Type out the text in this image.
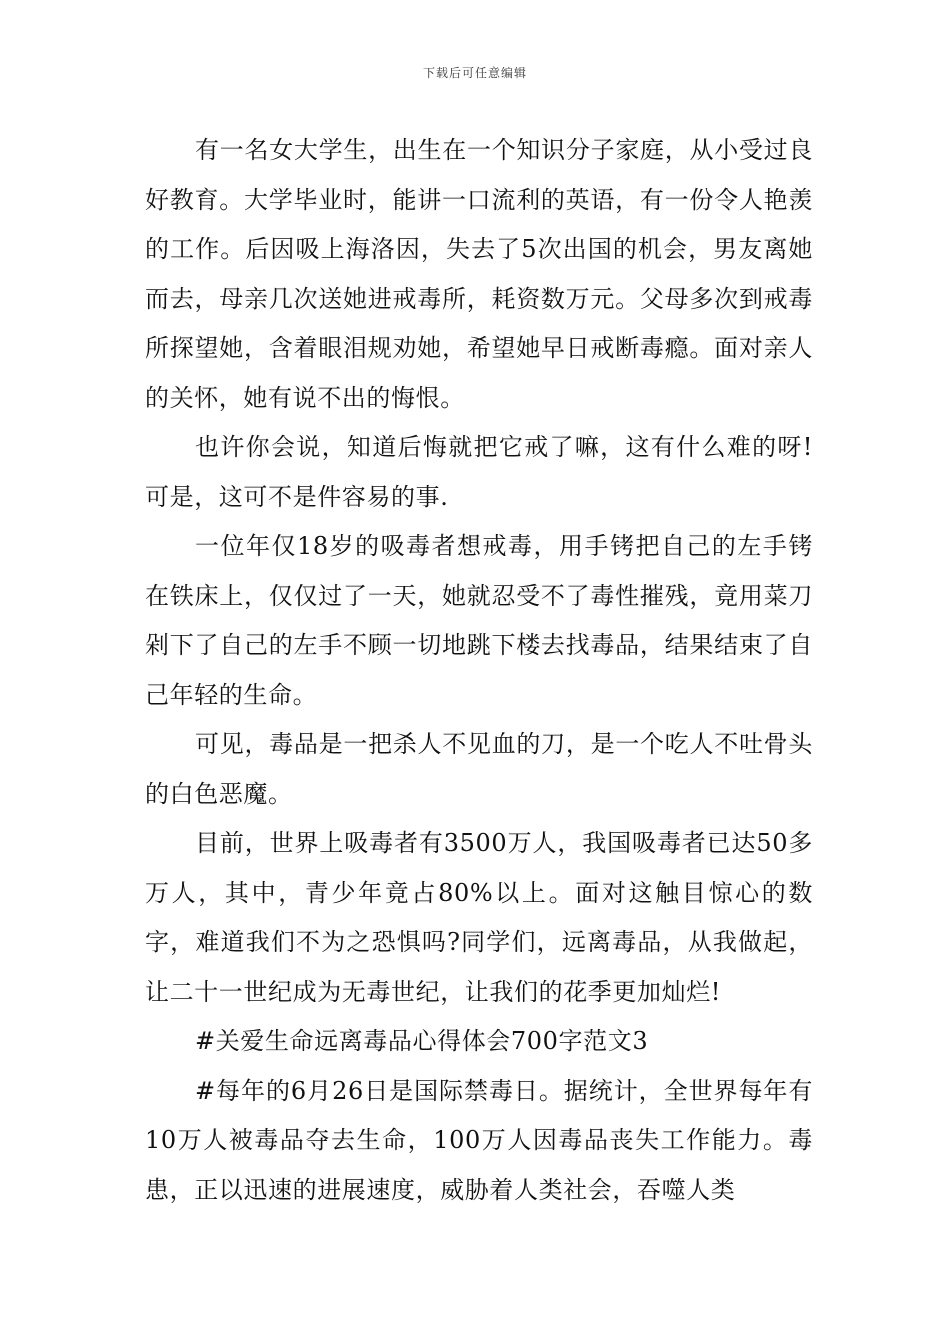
下载后可任意编辑

有一名女大学生，出生在一个知识分子家庭，从小受过良好教育。大学毕业时，能讲一口流利的英语，有一份令人艳羡的工作。后因吸上海洛因，失去了5次出国的机会，男友离她而去，母亲几次送她进戒毒所，耗资数万元。父母多次到戒毒所探望她，含着眼泪规劝她，希望她早日戒断毒瘾。面对亲人的关怀，她有说不出的悔恨。

也许你会说，知道后悔就把它戒了嘛，这有什么难的呀!可是，这可不是件容易的事.

一位年仅18岁的吸毒者想戒毒，用手铐把自己的左手铐在铁床上，仅仅过了一天，她就忍受不了毒性摧残，竟用菜刀剁下了自己的左手不顾一切地跳下楼去找毒品，结果结束了自己年轻的生命。

可见，毒品是一把杀人不见血的刀，是一个吃人不吐骨头的白色恶魔。

目前，世界上吸毒者有3500万人，我国吸毒者已达50多万人，其中，青少年竟占80%以上。面对这触目惊心的数字，难道我们不为之恐惧吗?同学们，远离毒品，从我做起，让二十一世纪成为无毒世纪，让我们的花季更加灿烂!

#关爱生命远离毒品心得体会700字范文3

#每年的6月26日是国际禁毒日。据统计，全世界每年有10万人被毒品夺去生命，100万人因毒品丧失工作能力。毒患，正以迅速的进展速度，威胁着人类社会，吞噬人类
